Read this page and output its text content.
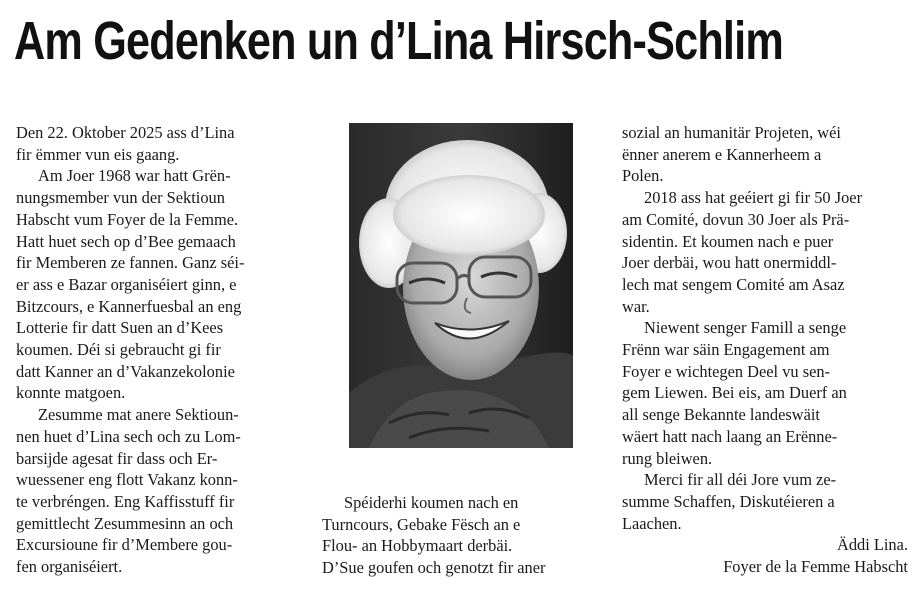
Am Gedenken un d’Lina Hirsch-Schlim

Den 22. Oktober 2025 ass d’Lina
fir ëmmer vun eis gaang.

Am Joer 1968 war hatt Grën-
nungsmember vun der Sektioun
Habscht vum Foyer de la Femme.
Hatt huet sech op d’Bee gemaach
fir Memberen ze fannen. Ganz séi-
er ass e Bazar organiséiert ginn, e
Bitzcours, e Kannerfuesbal an eng
Lotterie fir datt Suen an d’Kees
koumen. Déi si gebraucht gi fir
datt Kanner an d’Vakanzekolonie
konnte matgoen.

Zesumme mat anere Sektioun-
nen huet d’Lina sech och zu Lom-
barsijde agesat fir dass och Er-
wuessener eng flott Vakanz konn-
te verbréngen. Eng Kaffisstuff fir
gemittlecht Zesummesinn an och
Excursioune fir d’Membere gou-
fen organiséiert.

Spéiderhi koumen nach en
Turncours, Gebake Fësch an e
Flou- an Hobbymaart derbäi.
D’Sue goufen och genotzt fir aner

sozial an humanitär Projeten, wéi
ënner anerem e Kannerheem a
Polen.

2018 ass hat geéiert gi fir 50 Joer
am Comité, dovun 30 Joer als Prä-
sidentin. Et koumen nach e puer
Joer derbäi, wou hatt onermiddl-
lech mat sengem Comité am Asaz
war.

Niewent senger Famill a senge
Frënn war säin Engagement am
Foyer e wichtegen Deel vu sen-
gem Liewen. Bei eis, am Duerf an
all senge Bekannte landeswäit
wäert hatt nach laang an Erënne-
rung bleiwen.

Merci fir all déi Jore vum ze-
summe Schaffen, Diskutéieren a
Laachen.

Äddi Lina.
Foyer de la Femme Habscht
